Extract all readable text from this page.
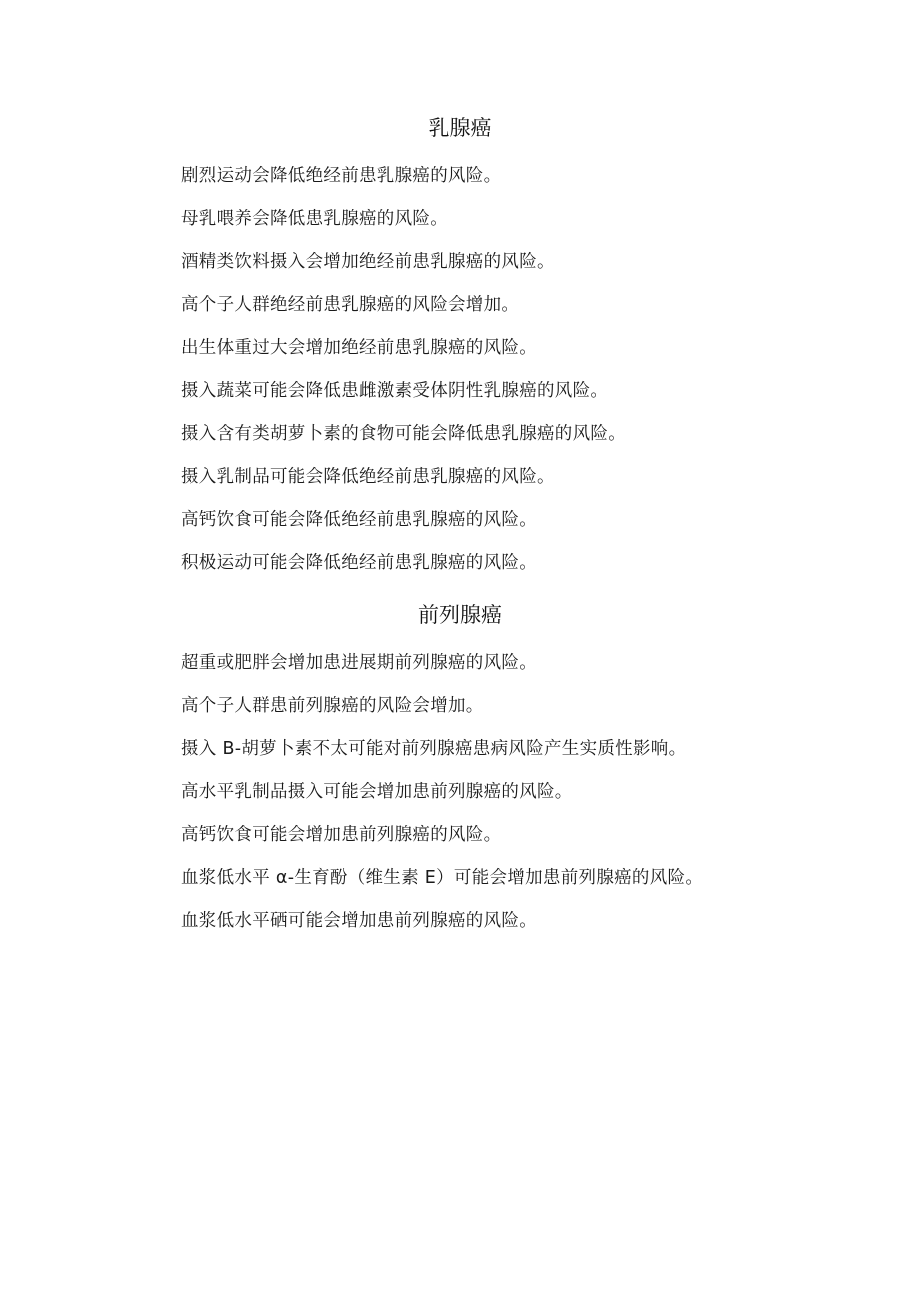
乳腺癌

剧烈运动会降低绝经前患乳腺癌的风险。

母乳喂养会降低患乳腺癌的风险。

酒精类饮料摄入会增加绝经前患乳腺癌的风险。

高个子人群绝经前患乳腺癌的风险会增加。

出生体重过大会增加绝经前患乳腺癌的风险。

摄入蔬菜可能会降低患雌激素受体阴性乳腺癌的风险。

摄入含有类胡萝卜素的食物可能会降低患乳腺癌的风险。

摄入乳制品可能会降低绝经前患乳腺癌的风险。

高钙饮食可能会降低绝经前患乳腺癌的风险。

积极运动可能会降低绝经前患乳腺癌的风险。

前列腺癌

超重或肥胖会增加患进展期前列腺癌的风险。

高个子人群患前列腺癌的风险会增加。

摄入 B-胡萝卜素不太可能对前列腺癌患病风险产生实质性影响。

高水平乳制品摄入可能会增加患前列腺癌的风险。

高钙饮食可能会增加患前列腺癌的风险。

血浆低水平 α-生育酚（维生素 E）可能会增加患前列腺癌的风险。

血浆低水平硒可能会增加患前列腺癌的风险。
